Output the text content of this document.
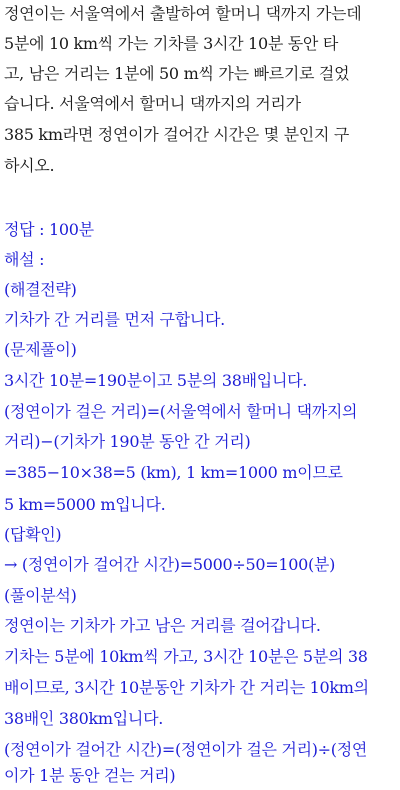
정연이는 서울역에서 출발하여 할머니 댁까지 가는데
5분에 10 km씩 가는 기차를 3시간 10분 동안 타
고, 남은 거리는 1분에 50 m씩 가는 빠르기로 걸었
습니다. 서울역에서 할머니 댁까지의 거리가
385 km라면 정연이가 걸어간 시간은 몇 분인지 구
하시오.
정답 : 100분
해설 :
(해결전략)
기차가 간 거리를 먼저 구합니다.
(문제풀이)
3시간 10분=190분이고 5분의 38배입니다.
(정연이가 걸은 거리)=(서울역에서 할머니 댁까지의
거리)−(기차가 190분 동안 간 거리)
=385−10×38=5 (km), 1 km=1000 m이므로
5 km=5000 m입니다.
(답확인)
→ (정연이가 걸어간 시간)=5000÷50=100(분)
(풀이분석)
정연이는 기차가 가고 남은 거리를 걸어갑니다.
기차는 5분에 10km씩 가고, 3시간 10분은 5분의 38
배이므로, 3시간 10분동안 기차가 간 거리는 10km의
38배인 380km입니다.
(정연이가 걸어간 시간)=(정연이가 걸은 거리)÷(정연
이가 1분 동안 걷는 거리)
